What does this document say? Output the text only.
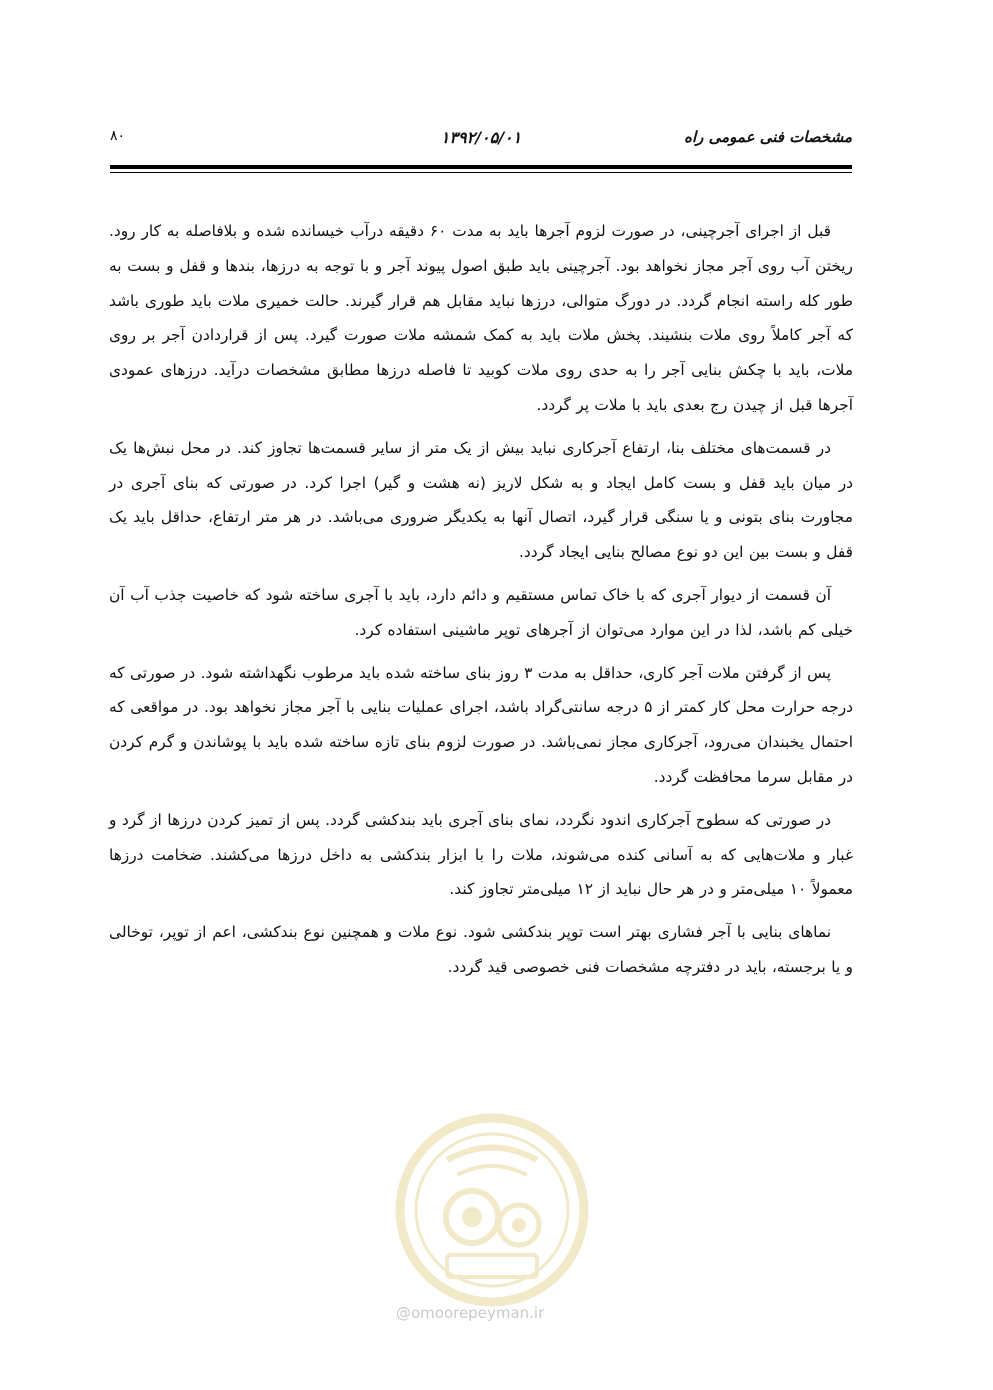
مشخصات فنی عمومی راه
۱۳۹۲/۰۵/۰۱
۸۰

قبل از اجرای آجرچینی، در صورت لزوم آجرها باید به مدت ۶۰ دقیقه درآب خیسانده شده و بلافاصله به کار رود. ریختن آب روی آجر مجاز نخواهد بود. آجرچینی باید طبق اصول پیوند آجر و با توجه به درزها، بندها و قفل و بست به طور کله راسته انجام گردد. در دورگ متوالی، درزها نباید مقابل هم قرار گیرند. حالت خمیری ملات باید طوری باشد که آجر کاملاً روی ملات بنشیند. پخش ملات باید به کمک شمشه ملات صورت گیرد. پس از قراردادن آجر بر روی ملات، باید با چکش بنایی آجر را به حدی روی ملات کوبید تا فاصله درزها مطابق مشخصات درآید. درزهای عمودی آجرها قبل از چیدن رج بعدی باید با ملات پر گردد.

در قسمت‌های مختلف بنا، ارتفاع آجرکاری نباید بیش از یک متر از سایر قسمت‌ها تجاوز کند. در محل نبش‌ها یک در میان باید قفل و بست کامل ایجاد و به شکل لاریز (نه هشت و گیر) اجرا کرد. در صورتی که بنای آجری در مجاورت بنای بتونی و یا سنگی قرار گیرد، اتصال آنها به یکدیگر ضروری می‌باشد. در هر متر ارتفاع، حداقل باید یک قفل و بست بین این دو نوع مصالح بنایی ایجاد گردد.

آن قسمت از دیوار آجری که با خاک تماس مستقیم و دائم دارد، باید با آجری ساخته شود که خاصیت جذب آب آن خیلی کم باشد، لذا در این موارد می‌توان از آجرهای توپر ماشینی استفاده کرد.

پس از گرفتن ملات آجر کاری، حداقل به مدت ۳ روز بنای ساخته شده باید مرطوب نگهداشته شود. در صورتی که درجه حرارت محل کار کمتر از ۵ درجه سانتی‌گراد باشد، اجرای عملیات بنایی با آجر مجاز نخواهد بود. در مواقعی که احتمال یخبندان می‌رود، آجرکاری مجاز نمی‌باشد. در صورت لزوم بنای تازه ساخته شده باید با پوشاندن و گرم کردن در مقابل سرما محافظت گردد.

در صورتی که سطوح آجرکاری اندود نگردد، نمای بنای آجری باید بندکشی گردد. پس از تمیز کردن درزها از گرد و غبار و ملات‌هایی که به آسانی کنده می‌شوند، ملات را با ابزار بندکشی به داخل درزها می‌کشند. ضخامت درزها معمولاً ۱۰ میلی‌متر و در هر حال نباید از ۱۲ میلی‌متر تجاوز کند.

نماهای بنایی با آجر فشاری بهتر است توپر بندکشی شود. نوع ملات و همچنین نوع بندکشی، اعم از توپر، توخالی و یا برجسته، باید در دفترچه مشخصات فنی خصوصی قید گردد.

@omoorepeyman.ir
